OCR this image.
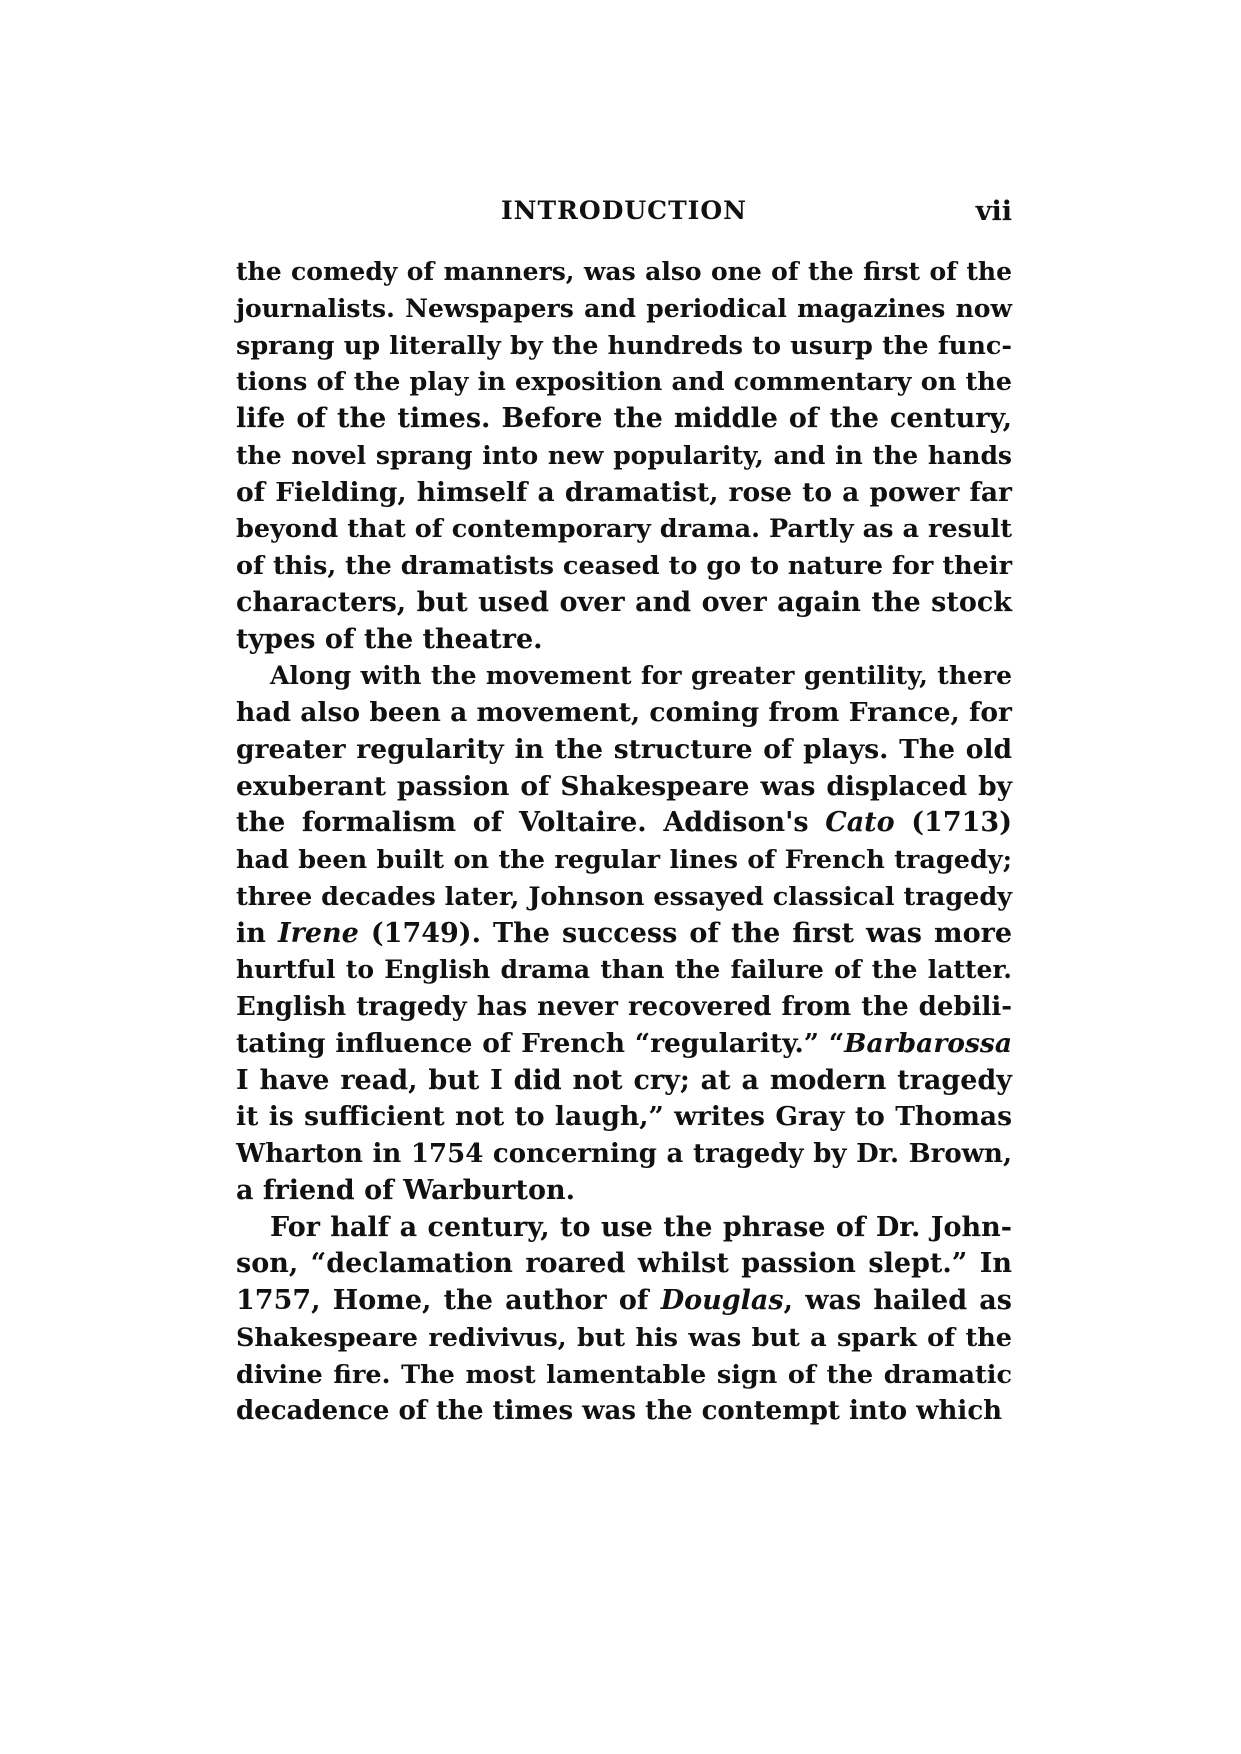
INTRODUCTION	vii
the comedy of manners, was also one of the first of the
journalists. Newspapers and periodical magazines now
sprang up literally by the hundreds to usurp the func-
tions of the play in exposition and commentary on the
life of the times. Before the middle of the century,
the novel sprang into new popularity, and in the hands
of Fielding, himself a dramatist, rose to a power far
beyond that of contemporary drama. Partly as a result
of this, the dramatists ceased to go to nature for their
characters, but used over and over again the stock
types of the theatre.
Along with the movement for greater gentility, there
had also been a movement, coming from France, for
greater regularity in the structure of plays. The old
exuberant passion of Shakespeare was displaced by
the formalism of Voltaire. Addison's Cato (1713)
had been built on the regular lines of French tragedy;
three decades later, Johnson essayed classical tragedy
in Irene (1749). The success of the first was more
hurtful to English drama than the failure of the latter.
English tragedy has never recovered from the debili-
tating influence of French “regularity.” “Barbarossa
I have read, but I did not cry; at a modern tragedy
it is sufficient not to laugh,” writes Gray to Thomas
Wharton in 1754 concerning a tragedy by Dr. Brown,
a friend of Warburton.
For half a century, to use the phrase of Dr. John-
son, “declamation roared whilst passion slept.” In
1757, Home, the author of Douglas, was hailed as
Shakespeare redivivus, but his was but a spark of the
divine fire. The most lamentable sign of the dramatic
decadence of the times was the contempt into which
